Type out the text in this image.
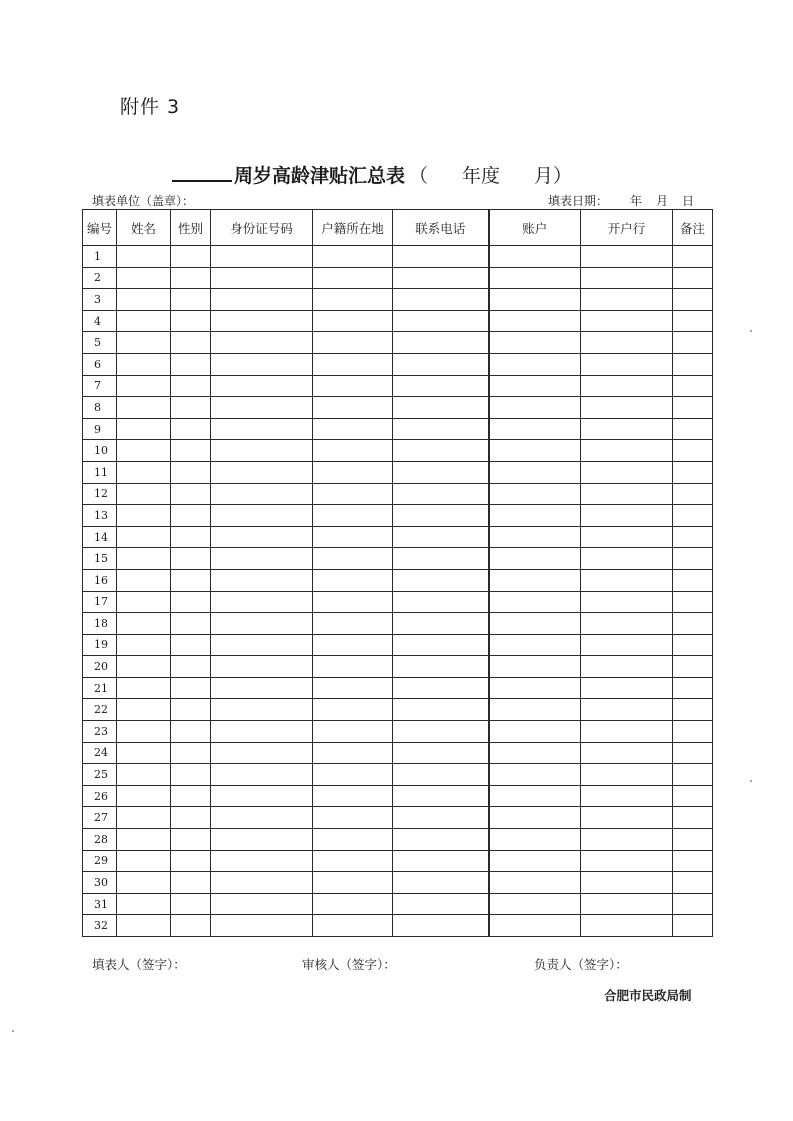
附件 3
周岁高龄津贴汇总表 （ 年度 月）
填表单位（盖章）：	填表日期： 年 月 日
编号	姓名	性别	身份证号码	户籍所在地	联系电话	账户	开户行	备注
1								
2								
3								
4								
5								
6								
7								
8								
9								
10								
11								
12								
13								
14								
15								
16								
17								
18								
19								
20								
21								
22								
23								
24								
25								
26								
27								
28								
29								
30								
31								
32								
填表人（签字）：	审核人（签字）：	负责人（签字）：
合肥市民政局制
